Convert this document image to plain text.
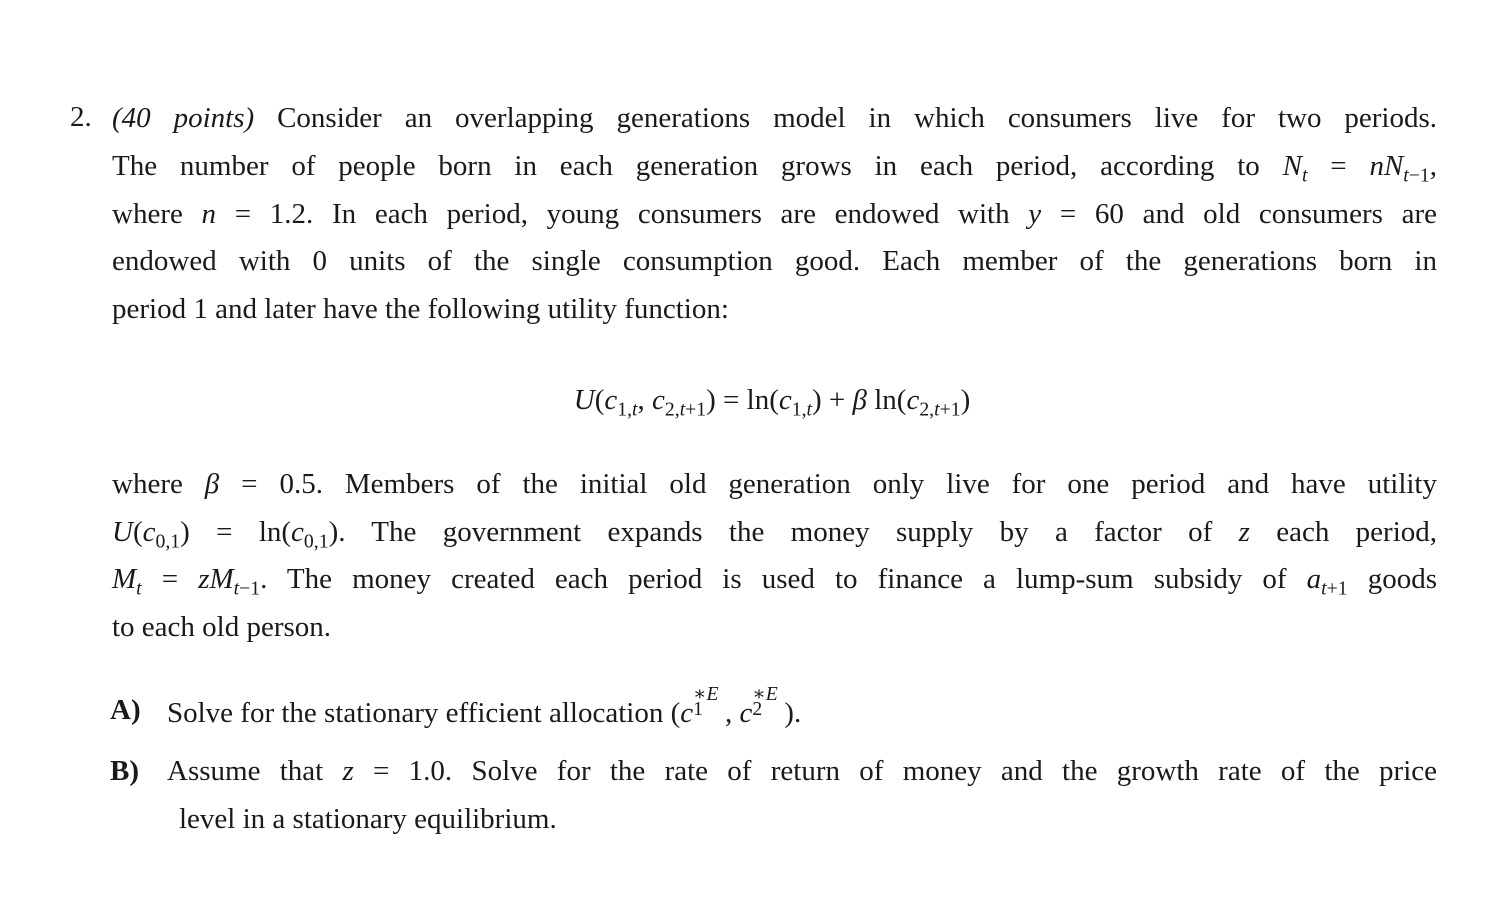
2. (40 points) Consider an overlapping generations model in which consumers live for two periods.
The number of people born in each generation grows in each period, according to $N_t = nN_{t-1}$,
where n = 1.2. In each period, young consumers are endowed with y = 60 and old consumers are
endowed with 0 units of the single consumption good. Each member of the generations born in
period 1 and later have the following utility function:
$U(c_{1,t}$, $c_{2,t+1}) = \ln(c_{1,t}) + \beta$ $\ln(c_{2,t+1})$
where β = 0.5. Members of the initial old generation only live for one period and have utility
$U(c_{0,1}) = \ln(c_{0,1})$. The government expands the money supply by a factor of z each period,
$M_t = zM_{t-1}$. The money created each period is used to finance a lump-sum subsidy of $a_{t+1}$ goods
to each old person.
A) Solve for the stationary efficient allocation (c
∗E
1 , c
∗E
2 ).
B) Assume that z = 1.0. Solve for the rate of return of money and the growth rate of the price
level in a stationary equilibrium.
